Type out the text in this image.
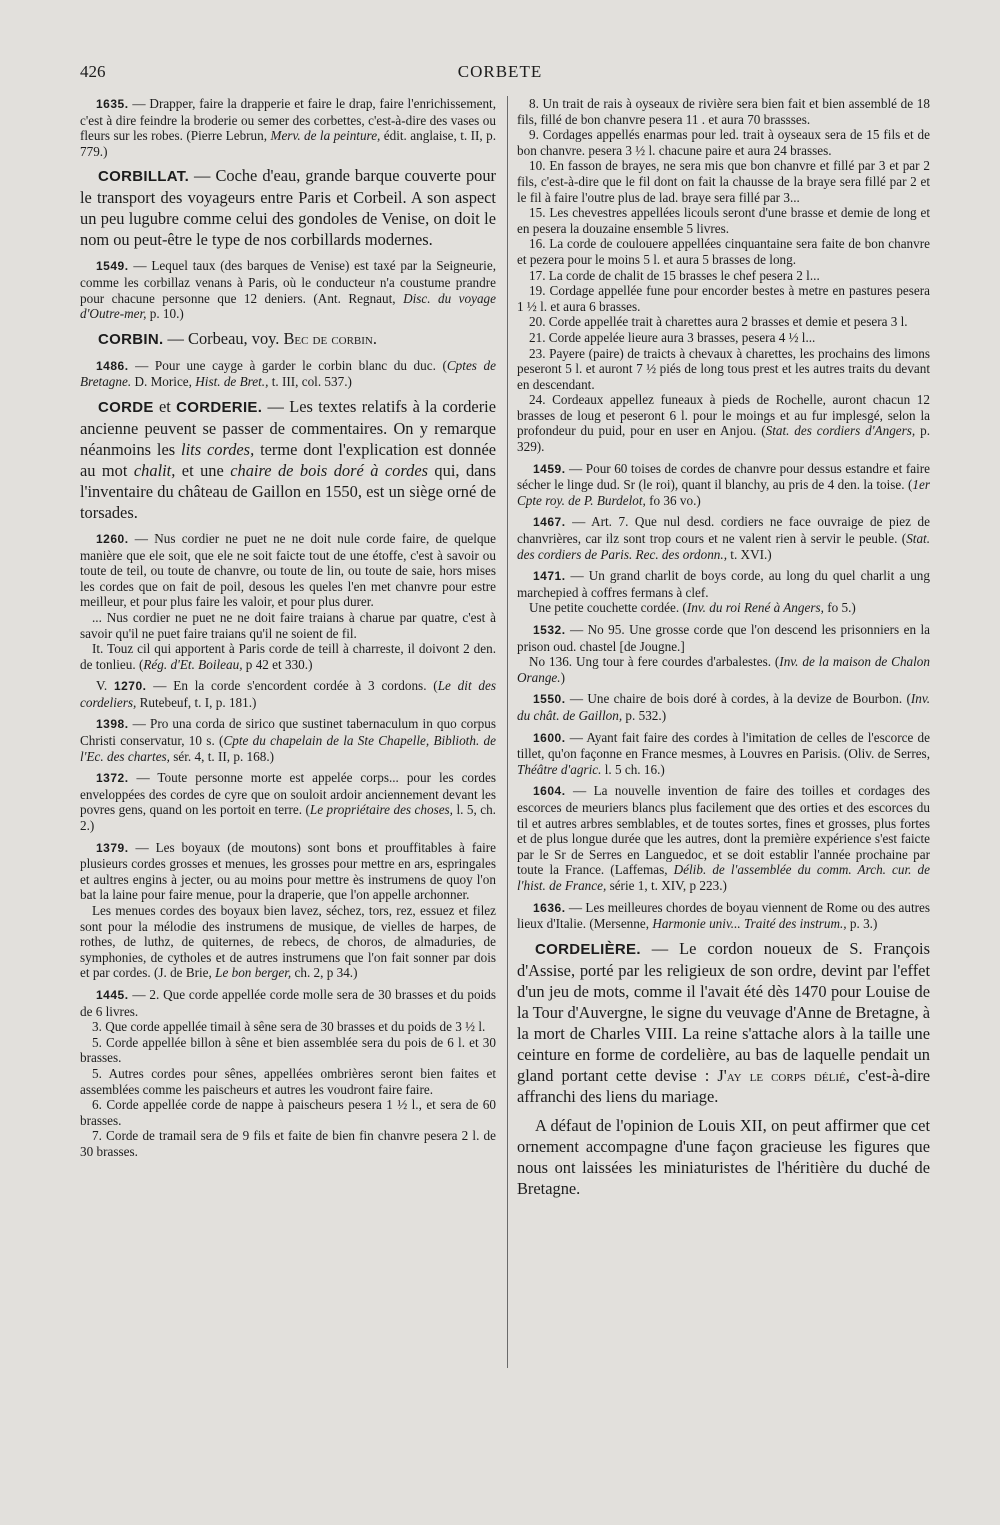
426	CORBETE

1635. — Drapper, faire la drapperie et faire le drap, faire l'enrichissement, c'est à dire feindre la broderie ou semer des corbettes, c'est-à-dire des vases ou fleurs sur les robes. (Pierre Lebrun, Merv. de la peinture, édit. anglaise, t. II, p. 779.)

CORBILLAT. — Coche d'eau, grande barque couverte pour le transport des voyageurs entre Paris et Corbeil. A son aspect un peu lugubre comme celui des gondoles de Venise, on doit le nom ou peut-être le type de nos corbillards modernes.

1549. — Lequel taux (des barques de Venise) est taxé par la Seigneurie, comme les corbillaz venans à Paris, où le conducteur n'a coustume prandre pour chacune personne que 12 deniers. (Ant. Regnaut, Disc. du voyage d'Outre-mer, p. 10.)

CORBIN. — Corbeau, voy. Bec de corbin.

1486. — Pour une cayge à garder le corbin blanc du duc. (Cptes de Bretagne. D. Morice, Hist. de Bret., t. III, col. 537.)

CORDE et CORDERIE. — Les textes relatifs à la corderie ancienne peuvent se passer de commentaires. On y remarque néanmoins les lits cordes, terme dont l'explication est donnée au mot chalit, et une chaire de bois doré à cordes qui, dans l'inventaire du château de Gaillon en 1550, est un siège orné de torsades.

1260. — Nus cordier ne puet ne ne doit nule corde faire, de quelque manière que ele soit, que ele ne soit faicte tout de une étoffe, c'est à savoir ou toute de teil, ou toute de chanvre, ou toute de lin, ou toute de saie, hors mises les cordes que on fait de poil, desous les queles l'en met chanvre pour estre meilleur, et pour plus faire les valoir, et pour plus durer.

... Nus cordier ne puet ne ne doit faire traians à charue par quatre, c'est à savoir qu'il ne puet faire traians qu'il ne soient de fil.

It. Touz cil qui apportent à Paris corde de teill à charreste, il doivont 2 den. de tonlieu. (Rég. d'Et. Boileau, p 42 et 330.)

V. 1270. — En la corde s'encordent cordée à 3 cordons. (Le dit des cordeliers, Rutebeuf, t. I, p. 181.)

1398. — Pro una corda de sirico que sustinet tabernaculum in quo corpus Christi conservatur, 10 s. (Cpte du chapelain de la Ste Chapelle, Biblioth. de l'Ec. des chartes, sér. 4, t. II, p. 168.)

1372. — Toute personne morte est appelée corps... pour les cordes enveloppées des cordes de cyre que on souloit ardoir anciennement devant les povres gens, quand on les portoit en terre. (Le propriétaire des choses, l. 5, ch. 2.)

1379. — Les boyaux (de moutons) sont bons et prouffitables à faire plusieurs cordes grosses et menues, les grosses pour mettre en ars, espringales et aultres engins à jecter, ou au moins pour mettre ès instrumens de quoy l'on bat la laine pour faire menue, pour la draperie, que l'on appelle archonner.

Les menues cordes des boyaux bien lavez, séchez, tors, rez, essuez et filez sont pour la mélodie des instrumens de musique, de vielles de harpes, de rothes, de luthz, de quiternes, de rebecs, de choros, de almaduries, de symphonies, de cytholes et de autres instrumens que l'on fait sonner par dois et par cordes. (J. de Brie, Le bon berger, ch. 2, p 34.)

1445. — 2. Que corde appellée corde molle sera de 30 brasses et du poids de 6 livres.

3. Que corde appellée timail à sêne sera de 30 brasses et du poids de 3 ½ l.

5. Corde appellée billon à sêne et bien assemblée sera du pois de 6 l. et 30 brasses.

5. Autres cordes pour sênes, appellées ombrières seront bien faites et assemblées comme les paischeurs et autres les voudront faire faire.

6. Corde appellée corde de nappe à paischeurs pesera 1 ½ l., et sera de 60 brasses.

7. Corde de tramail sera de 9 fils et faite de bien fin chanvre pesera 2 l. de 30 brasses.

8. Un trait de rais à oyseaux de rivière sera bien fait et bien assemblé de 18 fils, fillé de bon chanvre pesera 11 . et aura 70 brassses.

9. Cordages appellés enarmas pour led. trait à oyseaux sera de 15 fils et de bon chanvre. pesera 3 ½ l. chacune paire et aura 24 brasses.

10. En fasson de brayes, ne sera mis que bon chanvre et fillé par 3 et par 2 fils, c'est-à-dire que le fil dont on fait la chausse de la braye sera fillé par 2 et le fil à faire l'outre plus de lad. braye sera fillé par 3...

15. Les chevestres appellées licouls seront d'une brasse et demie de long et en pesera la douzaine ensemble 5 livres.

16. La corde de coulouere appellées cinquantaine sera faite de bon chanvre et pezera pour le moins 5 l. et aura 5 brasses de long.

17. La corde de chalit de 15 brasses le chef pesera 2 l...

19. Cordage appellée fune pour encorder bestes à metre en pastures pesera 1 ½ l. et aura 6 brasses.

20. Corde appellée trait à charettes aura 2 brasses et demie et pesera 3 l.

21. Corde appelée lieure aura 3 brasses, pesera 4 ½ l...

23. Payere (paire) de traicts à chevaux à charettes, les prochains des limons peseront 5 l. et auront 7 ½ piés de long tous prest et les autres traits du devant en descendant.

24. Cordeaux appellez funeaux à pieds de Rochelle, auront chacun 12 brasses de loug et peseront 6 l. pour le moings et au fur implesgé, selon la profondeur du puid, pour en user en Anjou. (Stat. des cordiers d'Angers, p. 329).

1459. — Pour 60 toises de cordes de chanvre pour dessus estandre et faire sécher le linge dud. Sr (le roi), quant il blanchy, au pris de 4 den. la toise. (1er Cpte roy. de P. Burdelot, fo 36 vo.)

1467. — Art. 7. Que nul desd. cordiers ne face ouvraige de piez de chanvrières, car ilz sont trop cours et ne valent rien à servir le peuble. (Stat. des cordiers de Paris. Rec. des ordonn., t. XVI.)

1471. — Un grand charlit de boys corde, au long du quel charlit a ung marchepied à coffres fermans à clef.

Une petite couchette cordée. (Inv. du roi René à Angers, fo 5.)

1532. — No 95. Une grosse corde que l'on descend les prisonniers en la prison oud. chastel [de Jougne.]

No 136. Ung tour à fere courdes d'arbalestes. (Inv. de la maison de Chalon Orange.)

1550. — Une chaire de bois doré à cordes, à la devize de Bourbon. (Inv. du chât. de Gaillon, p. 532.)

1600. — Ayant fait faire des cordes à l'imitation de celles de l'escorce de tillet, qu'on façonne en France mesmes, à Louvres en Parisis. (Oliv. de Serres, Théâtre d'agric. l. 5 ch. 16.)

1604. — La nouvelle invention de faire des toilles et cordages des escorces de meuriers blancs plus facilement que des orties et des escorces du til et autres arbres semblables, et de toutes sortes, fines et grosses, plus fortes et de plus longue durée que les autres, dont la première expérience s'est faicte par le Sr de Serres en Languedoc, et se doit establir l'année prochaine par toute la France. (Laffemas, Délib. de l'assemblée du comm. Arch. cur. de l'hist. de France, série 1, t. XIV, p 223.)

1636. — Les meilleures chordes de boyau viennent de Rome ou des autres lieux d'Italie. (Mersenne, Harmonie univ... Traité des instrum., p. 3.)

CORDELIÈRE. — Le cordon noueux de S. François d'Assise, porté par les religieux de son ordre, devint par l'effet d'un jeu de mots, comme il l'avait été dès 1470 pour Louise de la Tour d'Auvergne, le signe du veuvage d'Anne de Bretagne, à la mort de Charles VIII. La reine s'attache alors à la taille une ceinture en forme de cordelière, au bas de laquelle pendait un gland portant cette devise : J'ay le corps délié, c'est-à-dire affranchi des liens du mariage.

A défaut de l'opinion de Louis XII, on peut affirmer que cet ornement accompagne d'une façon gracieuse les figures que nous ont laissées les miniaturistes de l'héritière du duché de Bretagne.
